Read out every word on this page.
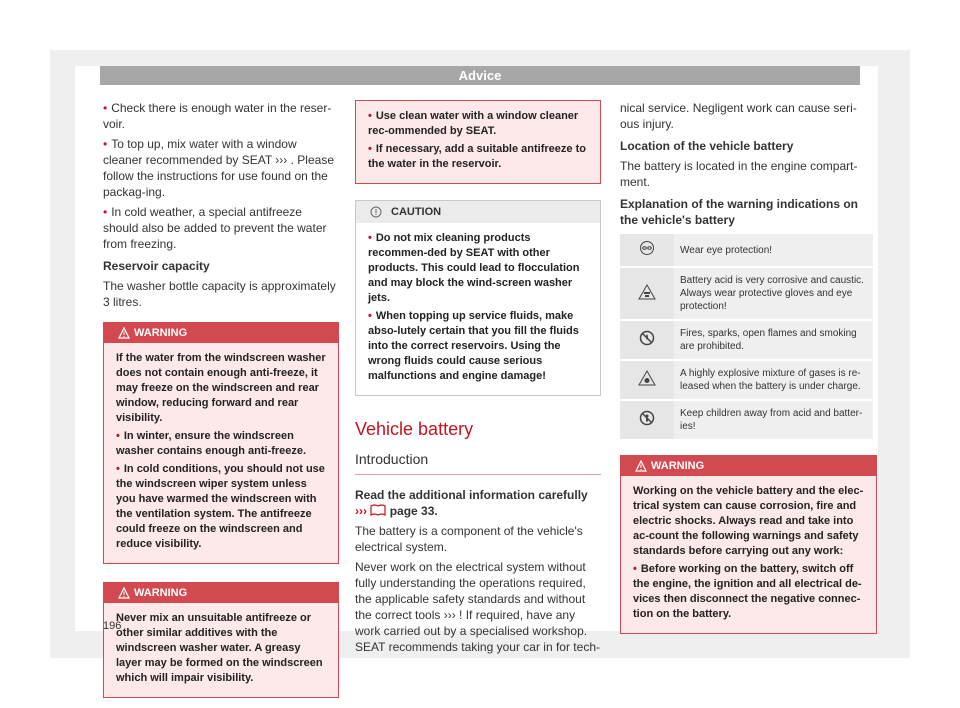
Advice

• Check there is enough water in the reser-voir.

• To top up, mix water with a window cleaner recommended by SEAT ››› . Please follow the instructions for use found on the packag-ing.

• In cold weather, a special antifreeze should also be added to prevent the water from freezing.

Reservoir capacity

The washer bottle capacity is approximately 3 litres.

WARNING

If the water from the windscreen washer does not contain enough anti-freeze, it may freeze on the windscreen and rear window, reducing forward and rear visibility.

• In winter, ensure the windscreen washer contains enough anti-freeze.

• In cold conditions, you should not use the windscreen wiper system unless you have warmed the windscreen with the ventilation system. The antifreeze could freeze on the windscreen and reduce visibility.

WARNING

Never mix an unsuitable antifreeze or other similar additives with the windscreen washer water. A greasy layer may be formed on the windscreen which will impair visibility.

• Use clean water with a window cleaner rec-ommended by SEAT.

• If necessary, add a suitable antifreeze to the water in the reservoir.

CAUTION

• Do not mix cleaning products recommen-ded by SEAT with other products. This could lead to flocculation and may block the wind-screen washer jets.

• When topping up service fluids, make abso-lutely certain that you fill the fluids into the correct reservoirs. Using the wrong fluids could cause serious malfunctions and engine damage!

Vehicle battery
Introduction

Read the additional information carefully
››› page 33.

The battery is a component of the vehicle's electrical system.

Never work on the electrical system without fully understanding the operations required, the applicable safety standards and without the correct tools ››› ! If required, have any work carried out by a specialised workshop. SEAT recommends taking your car in for tech-

nical service. Negligent work can cause seri-ous injury.

Location of the vehicle battery

The battery is located in the engine compart-ment.

Explanation of the warning indications on the vehicle's battery

	Wear eye protection!
	Battery acid is very corrosive and caustic. Always wear protective gloves and eye protection!
	Fires, sparks, open flames and smoking are prohibited.
	A highly explosive mixture of gases is re-leased when the battery is under charge.
	Keep children away from acid and batter-ies!
WARNING

Working on the vehicle battery and the elec-trical system can cause corrosion, fire and electric shocks. Always read and take into ac-count the following warnings and safety standards before carrying out any work:

• Before working on the battery, switch off the engine, the ignition and all electrical de-vices then disconnect the negative connec-tion on the battery.

196
